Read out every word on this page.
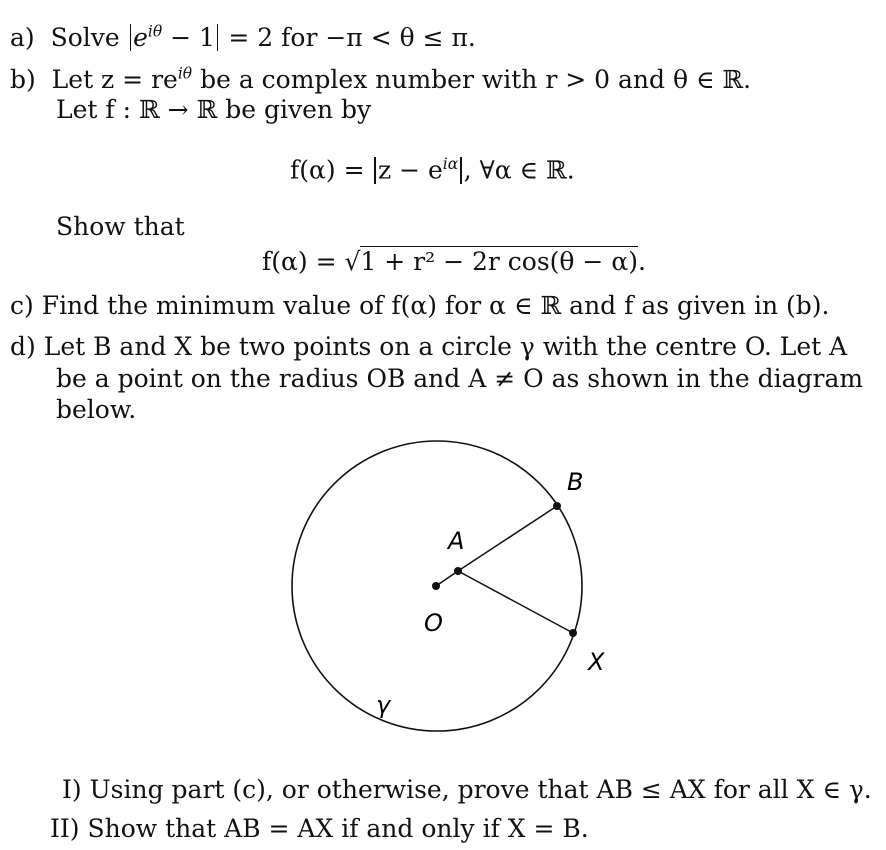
a) Solve $e^{i\theta} - 1 = 2$ for −π < θ ≤ π.
b) Let $z = re^{i\theta}$ be a complex number with r > 0 and θ ∈ ℝ.
Let f : ℝ → ℝ be given by
$f(\alpha) = z - e^{i\alpha}$ , ∀α ∈ ℝ.
Show that
f(α) = √1 + r² − 2r cos(θ − α).
c) Find the minimum value of f(α) for α ∈ ℝ and f as given in (b).
d) Let B and X be two points on a circle γ with the centre O. Let A
be a point on the radius OB and A ≠ O as shown in the diagram
below.
B
A
O
X
γ
I) Using part (c), or otherwise, prove that AB ≤ AX for all X ∈ γ.
II) Show that AB = AX if and only if X = B.
